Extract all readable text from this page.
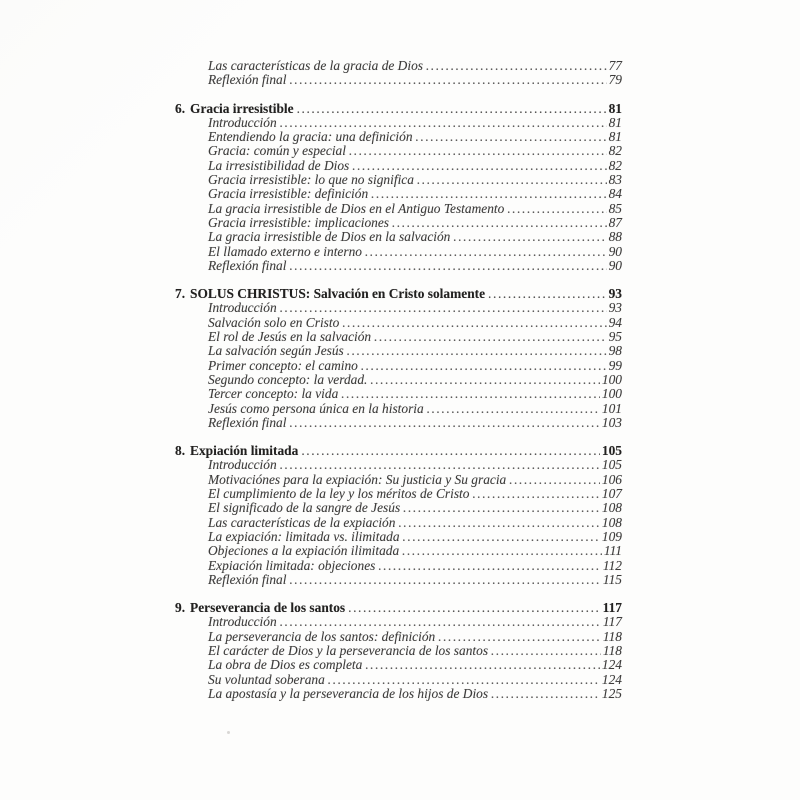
Las características de la gracia de Dios .....	77
Reflexión final .....	79
6. Gracia irresistible .....	81
Introducción .....	81
Entendiendo la gracia: una definición .....	81
Gracia: común y especial .....	82
La irresistibilidad de Dios .....	82
Gracia irresistible: lo que no significa .....	83
Gracia irresistible: definición .....	84
La gracia irresistible de Dios en el Antiguo Testamento .....	85
Gracia irresistible: implicaciones .....	87
La gracia irresistible de Dios en la salvación .....	88
El llamado externo e interno .....	90
Reflexión final .....	90
7. SOLUS CHRISTUS: Salvación en Cristo solamente .....	93
Introducción .....	93
Salvación solo en Cristo .....	94
El rol de Jesús en la salvación .....	95
La salvación según Jesús .....	98
Primer concepto: el camino .....	99
Segundo concepto: la verdad. .....	100
Tercer concepto: la vida .....	100
Jesús como persona única en la historia .....	101
Reflexión final .....	103
8. Expiación limitada .....	105
Introducción .....	105
Motivaciónes para la expiación: Su justicia y Su gracia .....	106
El cumplimiento de la ley y los méritos de Cristo .....	107
El significado de la sangre de Jesús .....	108
Las características de la expiación .....	108
La expiación: limitada vs. ilimitada .....	109
Objeciones a la expiación ilimitada .....	111
Expiación limitada: objeciones .....	112
Reflexión final .....	115
9. Perseverancia de los santos .....	117
Introducción .....	117
La perseverancia de los santos: definición .....	118
El carácter de Dios y la perseverancia de los santos .....	118
La obra de Dios es completa .....	124
Su voluntad soberana .....	124
La apostasía y la perseverancia de los hijos de Dios .....	125
